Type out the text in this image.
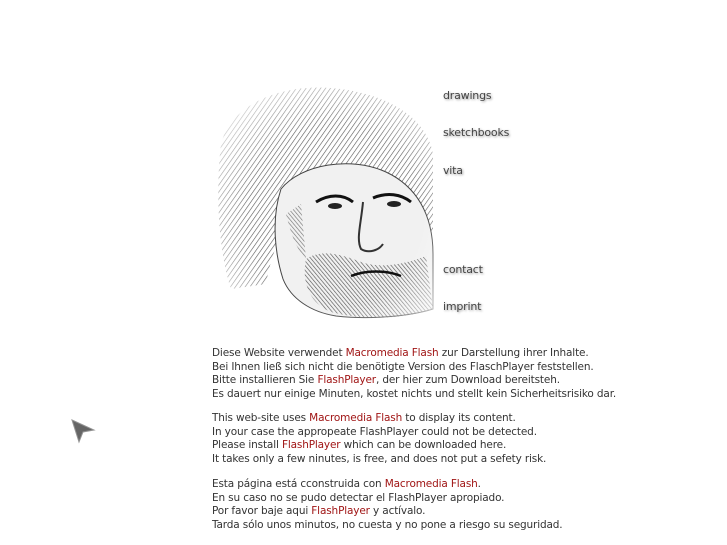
drawings
sketchbooks
vita
contact
imprint

Diese Website verwendet Macromedia Flash zur Darstellung ihrer Inhalte.

Bei Ihnen ließ sich nicht die benötigte Version des FlaschPlayer feststellen.

Bitte installieren Sie FlashPlayer, der hier zum Download bereitsteh.

Es dauert nur einige Minuten, kostet nichts und stellt kein Sicherheitsrisiko dar.

This web-site uses Macromedia Flash to display its content.

In your case the appropeate FlashPlayer could not be detected.

Please install FlashPlayer which can be downloaded here.

It takes only a few ninutes, is free, and does not put a sefety risk.

Esta página está cconstruida con Macromedia Flash.

En su caso no se pudo detectar el FlashPlayer apropiado.

Por favor baje aqui FlashPlayer y actívalo.

Tarda sólo unos minutos, no cuesta y no pone a riesgo su seguridad.
